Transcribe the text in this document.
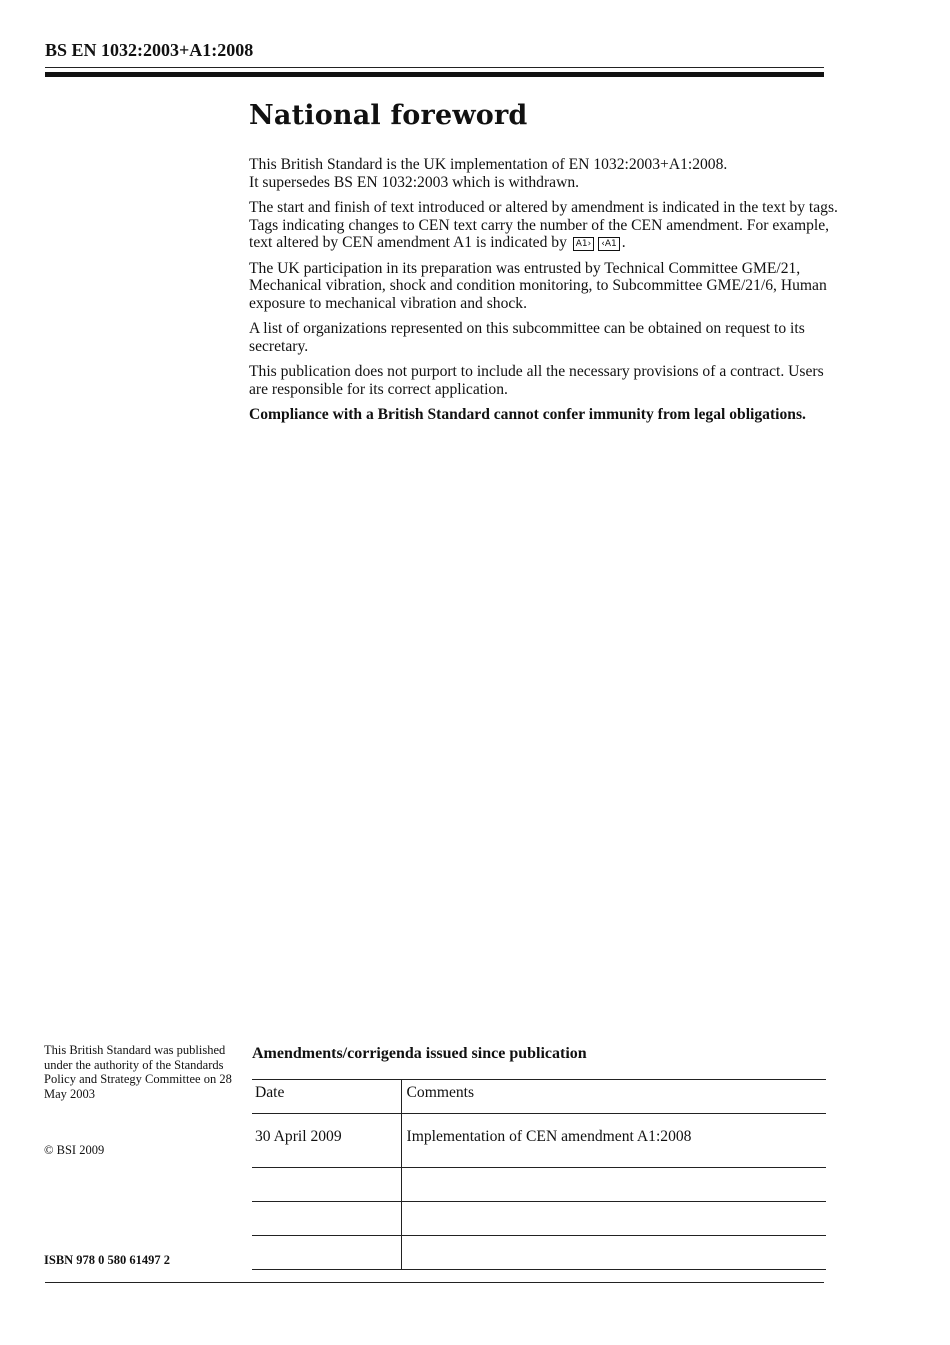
BS EN 1032:2003+A1:2008
National foreword

This British Standard is the UK implementation of EN 1032:2003+A1:2008.
It supersedes BS EN 1032:2003 which is withdrawn.

The start and finish of text introduced or altered by amendment is indicated in the text by tags. Tags indicating changes to CEN text carry the number of the CEN amendment. For example, text altered by CEN amendment A1 is indicated by A1 › ‹ A1 .

The UK participation in its preparation was entrusted by Technical Committee GME/21, Mechanical vibration, shock and condition monitoring, to Subcommittee GME/21/6, Human exposure to mechanical vibration and shock.

A list of organizations represented on this subcommittee can be obtained on request to its secretary.

This publication does not purport to include all the necessary provisions of a contract. Users are responsible for its correct application.

Compliance with a British Standard cannot confer immunity from legal obligations.

This British Standard was published under the authority of the Standards Policy and Strategy Committee on 28 May 2003
© BSI 2009
ISBN 978 0 580 61497 2
Amendments/corrigenda issued since publication
Date	Comments
30 April 2009	Implementation of CEN amendment A1:2008
